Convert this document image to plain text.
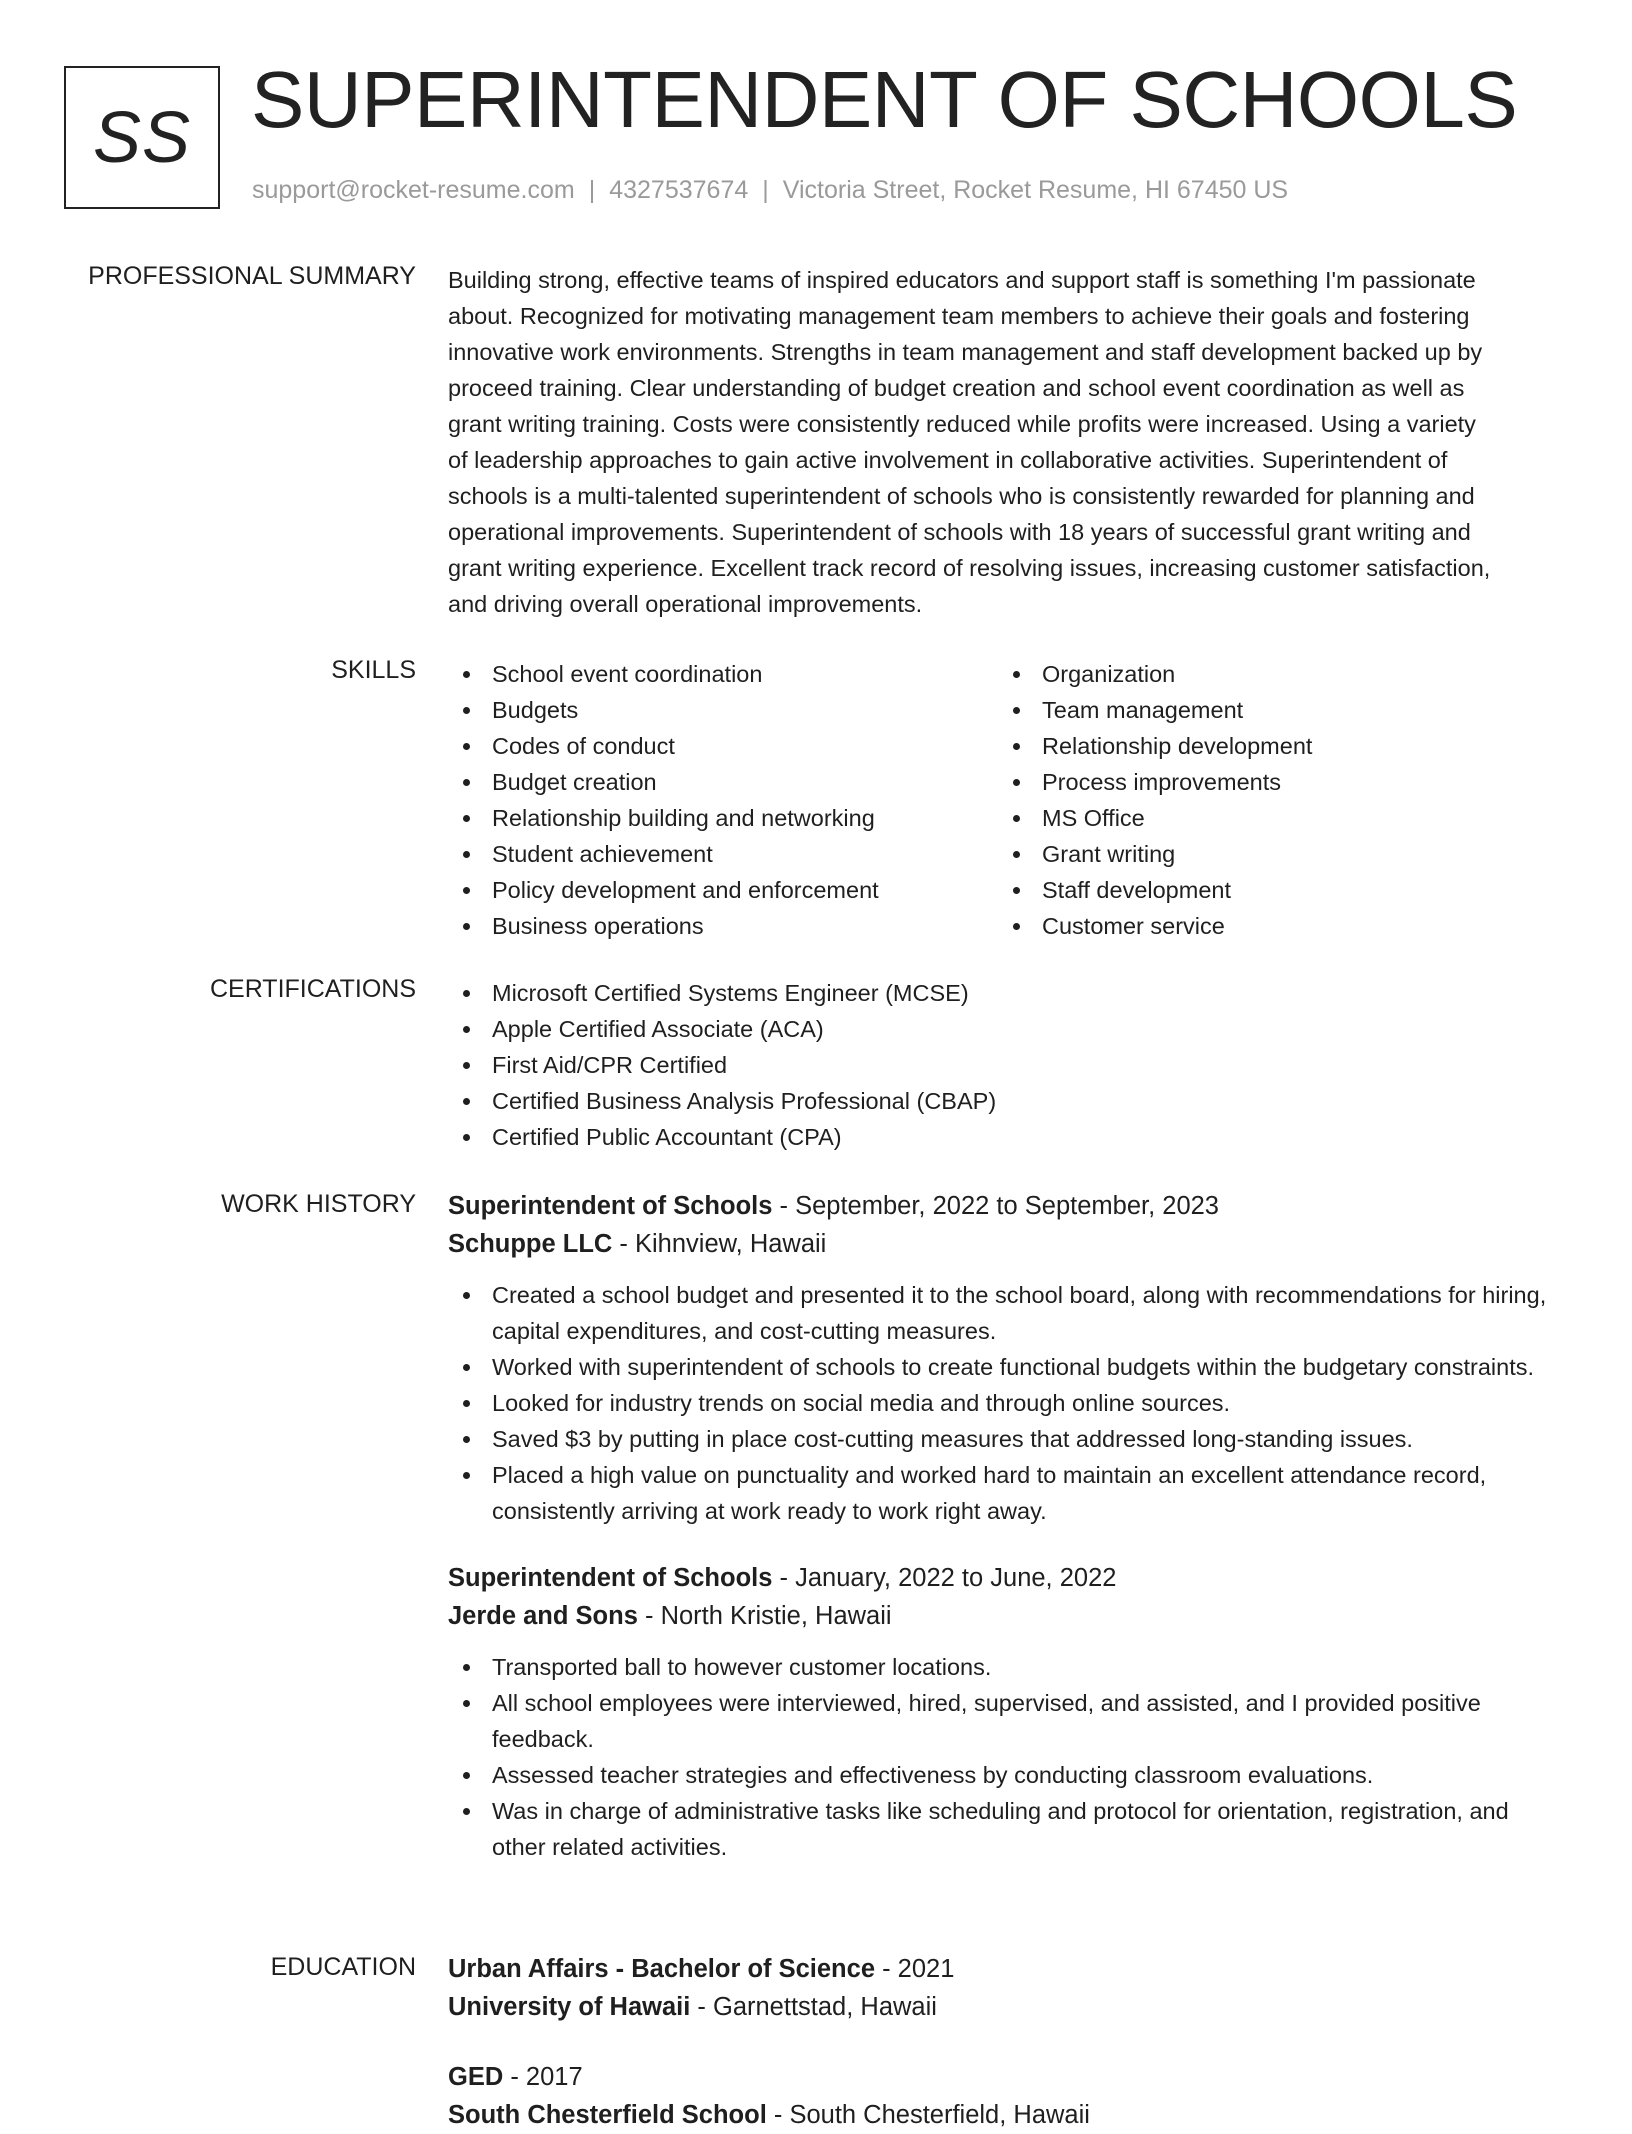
SS SUPERINTENDENT OF SCHOOLS
support@rocket-resume.com | 4327537674 | Victoria Street, Rocket Resume, HI 67450 US
PROFESSIONAL SUMMARY Building strong, effective teams of inspired educators and support staff is something I'm passionate
about. Recognized for motivating management team members to achieve their goals and fostering
innovative work environments. Strengths in team management and staff development backed up by
proceed training. Clear understanding of budget creation and school event coordination as well as
grant writing training. Costs were consistently reduced while profits were increased. Using a variety
of leadership approaches to gain active involvement in collaborative activities. Superintendent of
schools is a multi-talented superintendent of schools who is consistently rewarded for planning and
operational improvements. Superintendent of schools with 18 years of successful grant writing and
grant writing experience. Excellent track record of resolving issues, increasing customer satisfaction,
and driving overall operational improvements.
SKILLS	School event coordination
Budgets
Codes of conduct
Budget creation
Relationship building and networking
Student achievement
Policy development and enforcement
Business operations
Organization
Team management
Relationship development
Process improvements
MS Office
Grant writing
Staff development
Customer service
CERTIFICATIONS	Microsoft Certified Systems Engineer (MCSE)
Apple Certified Associate (ACA)
First Aid/CPR Certified
Certified Business Analysis Professional (CBAP)
Certified Public Accountant (CPA)
WORK HISTORY Superintendent of Schools - September, 2022 to September, 2023
Schuppe LLC - Kihnview, Hawaii
Created a school budget and presented it to the school board, along with recommendations for hiring, capital expenditures, and cost-cutting measures.
Worked with superintendent of schools to create functional budgets within the budgetary constraints.
Looked for industry trends on social media and through online sources.
Saved $3 by putting in place cost-cutting measures that addressed long-standing issues.
Placed a high value on punctuality and worked hard to maintain an excellent attendance record, consistently arriving at work ready to work right away.
Superintendent of Schools - January, 2022 to June, 2022
Jerde and Sons - North Kristie, Hawaii
Transported ball to however customer locations.
All school employees were interviewed, hired, supervised, and assisted, and I provided positive feedback.
Assessed teacher strategies and effectiveness by conducting classroom evaluations.
Was in charge of administrative tasks like scheduling and protocol for orientation, registration, and other related activities.
EDUCATION Urban Affairs - Bachelor of Science - 2021
University of Hawaii - Garnettstad, Hawaii
GED - 2017
South Chesterfield School - South Chesterfield, Hawaii
